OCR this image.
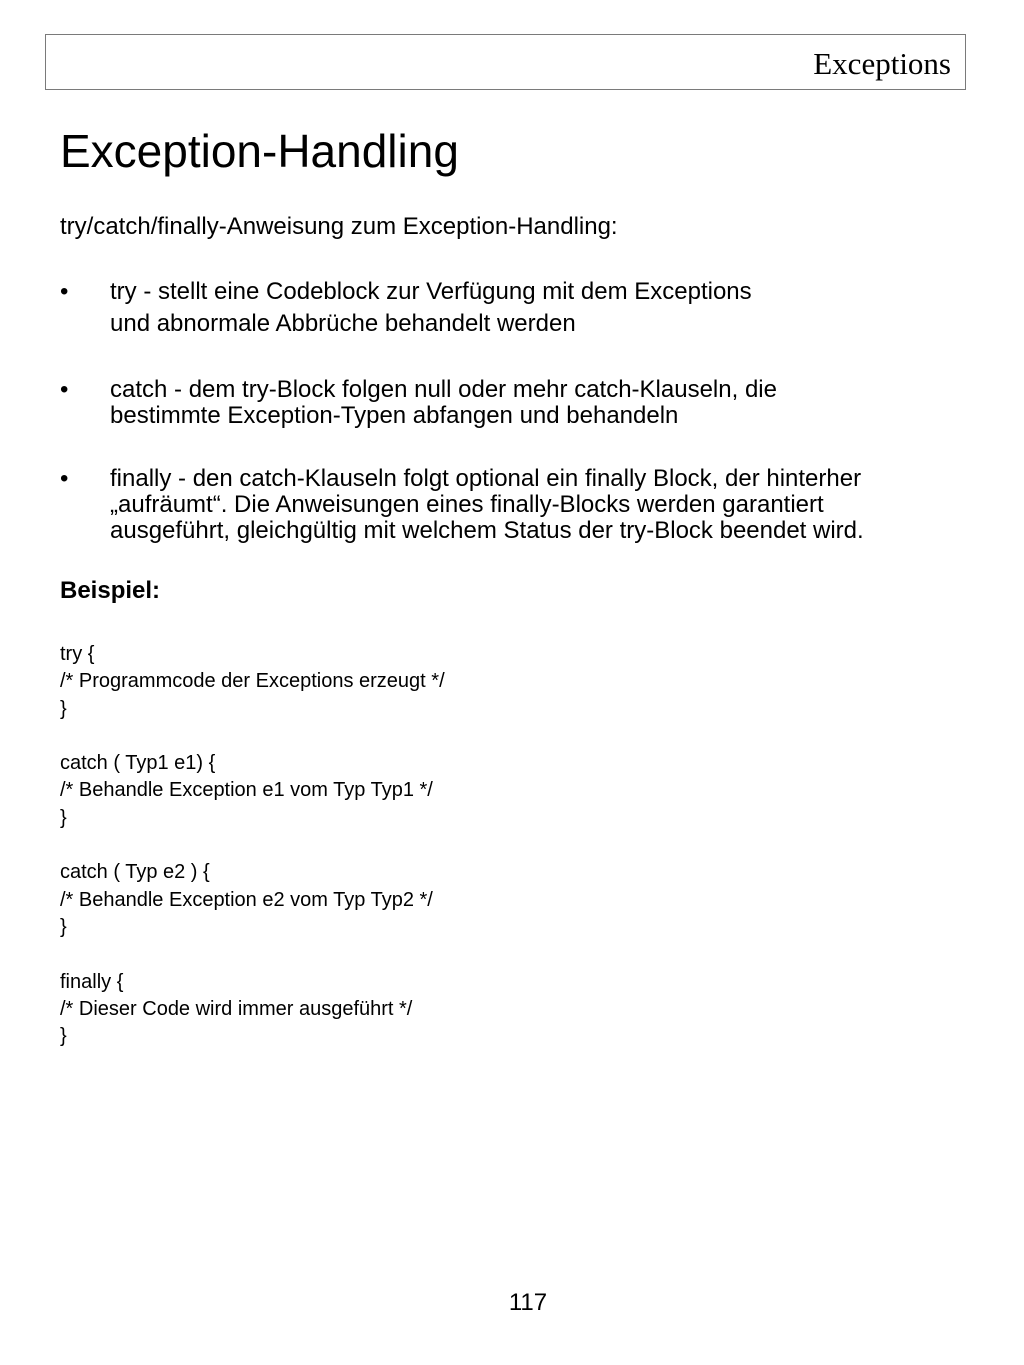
Exceptions
Exception-Handling

try/catch/finally-Anweisung zum Exception-Handling:

• try - stellt eine Codeblock zur Verfügung mit dem Exceptions
und abnormale Abbrüche behandelt werden
• catch - dem try-Block folgen null oder mehr catch-Klauseln, die
bestimmte Exception-Typen abfangen und behandeln
• finally - den catch-Klauseln folgt optional ein finally Block, der hinterher
„aufräumt“. Die Anweisungen eines finally-Blocks werden garantiert
ausgeführt, gleichgültig mit welchem Status der try-Block beendet wird.

Beispiel:

try {
/* Programmcode der Exceptions erzeugt */
}
catch ( Typ1 e1) {
/* Behandle Exception e1 vom Typ Typ1 */
}
catch ( Typ e2 ) {
/* Behandle Exception e2 vom Typ Typ2 */
}
finally {
/* Dieser Code wird immer ausgeführt */
}
117
